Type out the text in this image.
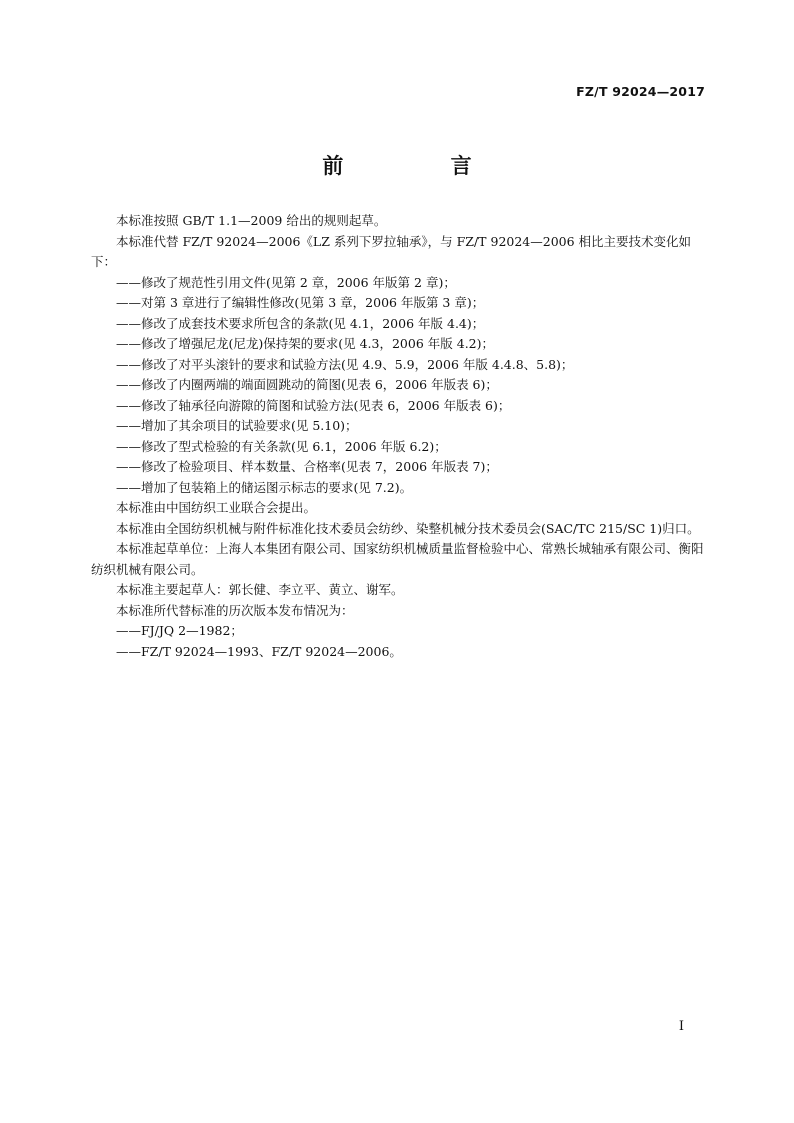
FZ/T 92024—2017
前 言

本标准按照 GB/T 1.1—2009 给出的规则起草。

本标准代替 FZ/T 92024—2006《LZ 系列下罗拉轴承》，与 FZ/T 92024—2006 相比主要技术变化如下：

——修改了规范性引用文件(见第 2 章，2006 年版第 2 章)；

——对第 3 章进行了编辑性修改(见第 3 章，2006 年版第 3 章)；

——修改了成套技术要求所包含的条款(见 4.1，2006 年版 4.4)；

——修改了增强尼龙(尼龙)保持架的要求(见 4.3，2006 年版 4.2)；

——修改了对平头滚针的要求和试验方法(见 4.9、5.9，2006 年版 4.4.8、5.8)；

——修改了内圈两端的端面圆跳动的简图(见表 6，2006 年版表 6)；

——修改了轴承径向游隙的简图和试验方法(见表 6，2006 年版表 6)；

——增加了其余项目的试验要求(见 5.10)；

——修改了型式检验的有关条款(见 6.1，2006 年版 6.2)；

——修改了检验项目、样本数量、合格率(见表 7，2006 年版表 7)；

——增加了包装箱上的储运图示标志的要求(见 7.2)。

本标准由中国纺织工业联合会提出。

本标准由全国纺织机械与附件标准化技术委员会纺纱、染整机械分技术委员会(SAC/TC 215/SC 1)归口。

本标准起草单位：上海人本集团有限公司、国家纺织机械质量监督检验中心、常熟长城轴承有限公司、衡阳纺织机械有限公司。

本标准主要起草人：郭长健、李立平、黄立、谢军。

本标准所代替标准的历次版本发布情况为：

——FJ/JQ 2—1982；

——FZ/T 92024—1993、FZ/T 92024—2006。

I
